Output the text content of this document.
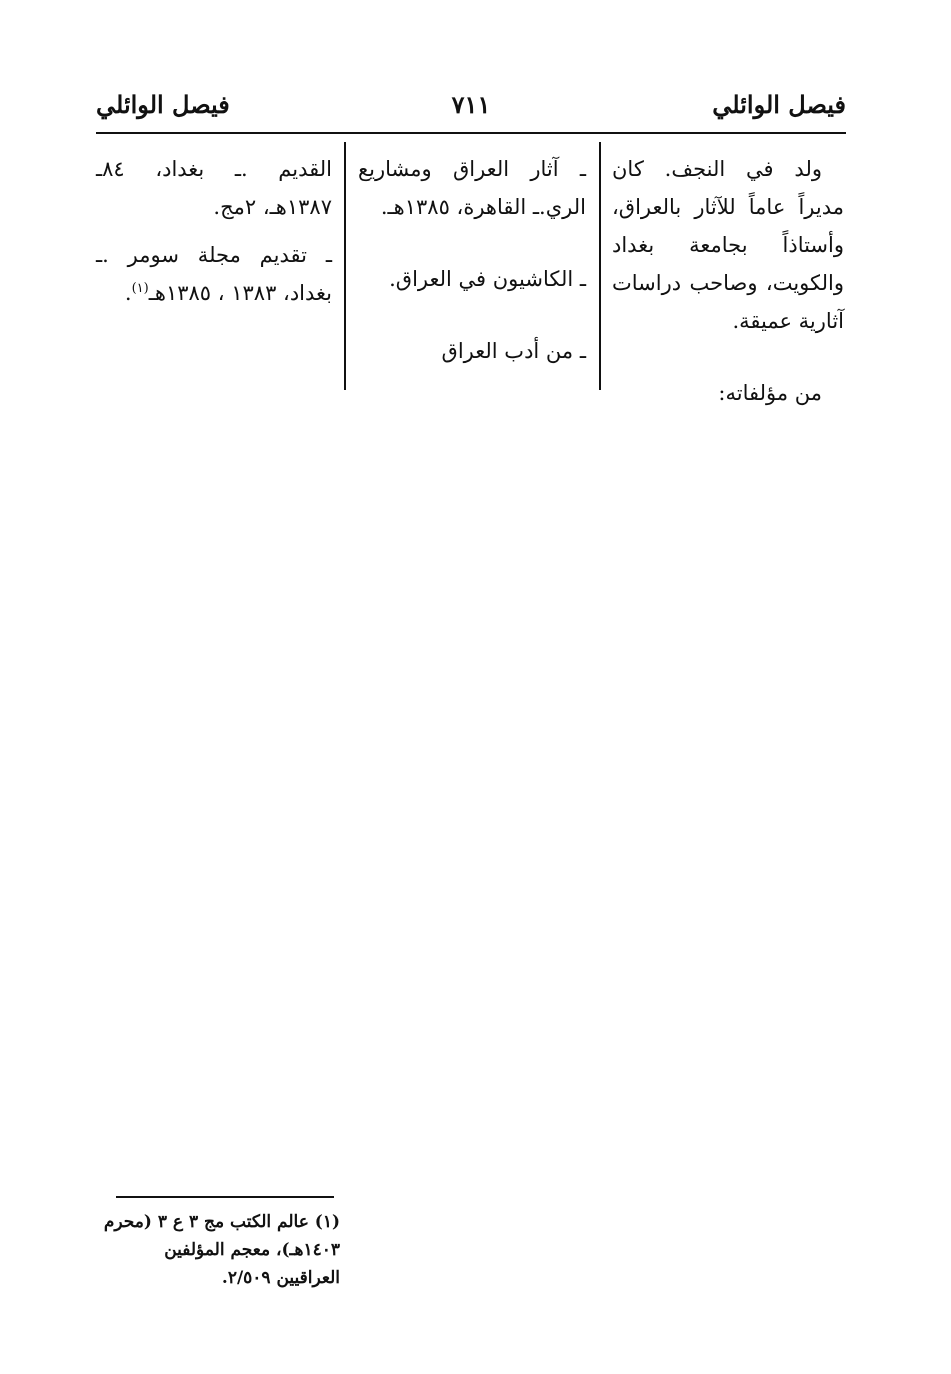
فيصل الوائلي
٧١١
فيصل الوائلي

ولد في النجف. كان مديراً عاماً للآثار بالعراق، وأستاذاً بجامعة بغداد والكويت، وصاحب دراسات آثارية عميقة.

من مؤلفاته:

ـ آثار العراق ومشاريع الري.ـ القاهرة، ١٣٨٥هـ.

ـ الكاشيون في العراق.

ـ من أدب العراق

القديم .ـ بغداد، ٨٤ـ ١٣٨٧هـ، ٢مج.

ـ تقديم مجلة سومر .ـ بغداد، ١٣٨٣ ، ١٣٨٥هـ$^{(١)}$.

(١) عالم الكتب مج ٣ ع ٣ (محرم ١٤٠٣هـ)، معجم المؤلفين العراقيين ٢/٥٠٩.
